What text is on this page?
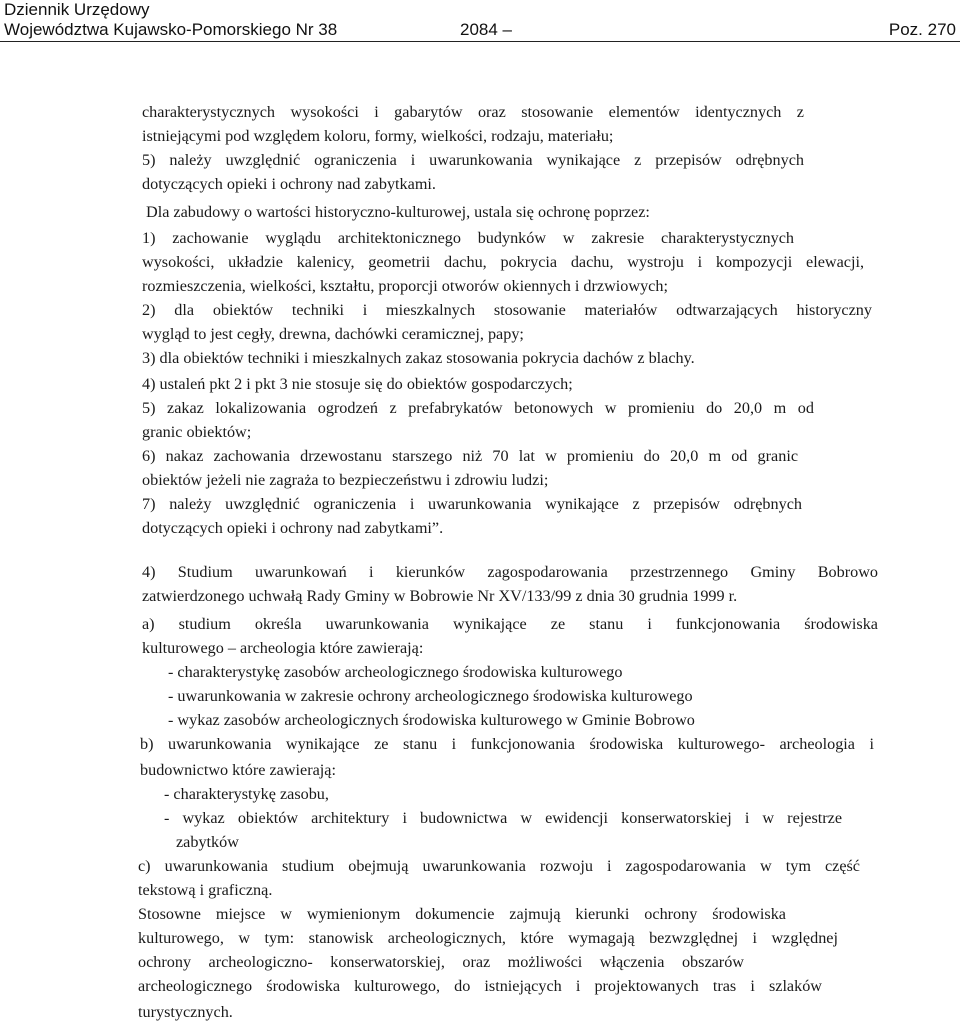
Dziennik Urzędowy
Województwa Kujawsko-Pomorskiego Nr 38	2084 –	Poz. 270
charakterystycznych wysokości i gabarytów oraz stosowanie elementów identycznych z
istniejącymi pod względem koloru, formy, wielkości, rodzaju, materiału;
5) należy uwzględnić ograniczenia i uwarunkowania wynikające z przepisów odrębnych
dotyczących opieki i ochrony nad zabytkami.
Dla zabudowy o wartości historyczno-kulturowej, ustala się ochronę poprzez:
1) zachowanie wyglądu architektonicznego budynków w zakresie charakterystycznych
wysokości, układzie kalenicy, geometrii dachu, pokrycia dachu, wystroju i kompozycji elewacji,
rozmieszczenia, wielkości, kształtu, proporcji otworów okiennych i drzwiowych;
2) dla obiektów techniki i mieszkalnych stosowanie materiałów odtwarzających historyczny
wygląd to jest cegły, drewna, dachówki ceramicznej, papy;
3) dla obiektów techniki i mieszkalnych zakaz stosowania pokrycia dachów z blachy.
4) ustaleń pkt 2 i pkt 3 nie stosuje się do obiektów gospodarczych;
5) zakaz lokalizowania ogrodzeń z prefabrykatów betonowych w promieniu do 20,0 m od
granic obiektów;
6) nakaz zachowania drzewostanu starszego niż 70 lat w promieniu do 20,0 m od granic
obiektów jeżeli nie zagraża to bezpieczeństwu i zdrowiu ludzi;
7) należy uwzględnić ograniczenia i uwarunkowania wynikające z przepisów odrębnych
dotyczących opieki i ochrony nad zabytkami”.
4) Studium uwarunkowań i kierunków zagospodarowania przestrzennego Gminy Bobrowo
zatwierdzonego uchwałą Rady Gminy w Bobrowie Nr XV/133/99 z dnia 30 grudnia 1999 r.
a) studium określa uwarunkowania wynikające ze stanu i funkcjonowania środowiska
kulturowego – archeologia które zawierają:
- charakterystykę zasobów archeologicznego środowiska kulturowego
- uwarunkowania w zakresie ochrony archeologicznego środowiska kulturowego
- wykaz zasobów archeologicznych środowiska kulturowego w Gminie Bobrowo
b) uwarunkowania wynikające ze stanu i funkcjonowania środowiska kulturowego- archeologia i
budownictwo które zawierają:
- charakterystykę zasobu,
- wykaz obiektów architektury i budownictwa w ewidencji konserwatorskiej i w rejestrze
zabytków
c) uwarunkowania studium obejmują uwarunkowania rozwoju i zagospodarowania w tym część
tekstową i graficzną.
Stosowne miejsce w wymienionym dokumencie zajmują kierunki ochrony środowiska
kulturowego, w tym: stanowisk archeologicznych, które wymagają bezwzględnej i względnej
ochrony archeologiczno- konserwatorskiej, oraz możliwości włączenia obszarów
archeologicznego środowiska kulturowego, do istniejących i projektowanych tras i szlaków
turystycznych.
